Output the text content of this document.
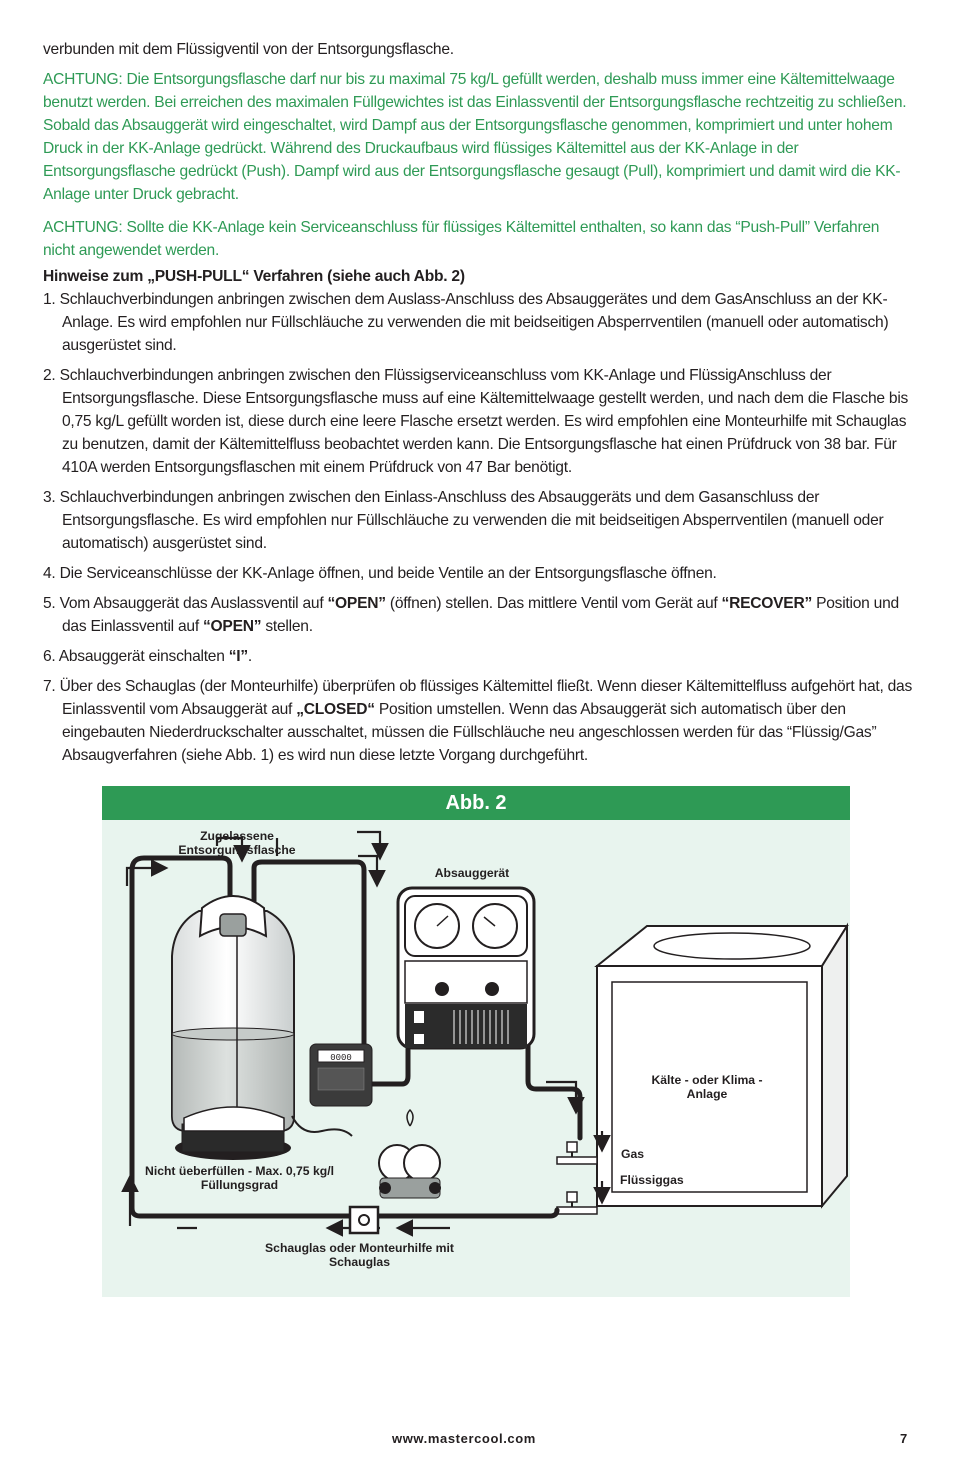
verbunden mit dem Flüssigventil von der Entsorgungsflasche.

ACHTUNG: Die Entsorgungsflasche darf nur bis zu maximal 75 kg/L gefüllt werden, deshalb muss immer eine Kältemittelwaage benutzt werden. Bei erreichen des maximalen Füllgewichtes ist das Einlassventil der Entsorgungsflasche rechtzeitig zu schließen. Sobald das Absauggerät wird eingeschaltet, wird Dampf aus der Entsorgungsflasche genommen, komprimiert und unter hohem Druck in der KK-Anlage gedrückt. Während des Druckaufbaus wird flüssiges Kältemittel aus der KK-Anlage in der Entsorgungsflasche gedrückt (Push). Dampf wird aus der Entsorgungsflasche gesaugt (Pull), komprimiert und damit wird die KK-Anlage unter Druck gebracht.

ACHTUNG: Sollte die KK-Anlage kein Serviceanschluss für flüssiges Kältemittel enthalten, so kann das “Push-Pull” Verfahren nicht angewendet werden.

Hinweise zum „PUSH-PULL“ Verfahren (siehe auch Abb. 2)

1. Schlauchverbindungen anbringen zwischen dem Auslass-Anschluss des Absauggerätes und dem GasAnschluss an der KK-Anlage. Es wird empfohlen nur Füllschläuche zu verwenden die mit beidseitigen Absperrventilen (manuell oder automatisch) ausgerüstet sind.
2. Schlauchverbindungen anbringen zwischen den Flüssigserviceanschluss vom KK-Anlage und FlüssigAnschluss der Entsorgungsflasche. Diese Entsorgungsflasche muss auf eine Kältemittelwaage gestellt werden, und nach dem die Flasche bis 0,75 kg/L gefüllt worden ist, diese durch eine leere Flasche ersetzt werden. Es wird empfohlen eine Monteurhilfe mit Schauglas zu benutzen, damit der Kältemittelfluss beobachtet werden kann. Die Entsorgungsflasche hat einen Prüfdruck von 38 bar. Für 410A werden Entsorgungsflaschen mit einem Prüfdruck von 47 Bar benötigt.
3. Schlauchverbindungen anbringen zwischen den Einlass-Anschluss des Absauggeräts und dem Gasanschluss der Entsorgungsflasche. Es wird empfohlen nur Füllschläuche zu verwenden die mit beidseitigen Absperrventilen (manuell oder automatisch) ausgerüstet sind.
4. Die Serviceanschlüsse der KK-Anlage öffnen, und beide Ventile an der Entsorgungsflasche öffnen.
5. Vom Absauggerät das Auslassventil auf “OPEN” (öffnen) stellen. Das mittlere Ventil vom Gerät auf “RECOVER” Position und das Einlassventil auf “OPEN” stellen.
6. Absauggerät einschalten “I”.
7. Über des Schauglas (der Monteurhilfe) überprüfen ob flüssiges Kältemittel fließt. Wenn dieser Kältemittelfluss aufgehört hat, das Einlassventil vom Absauggerät auf „CLOSED“ Position umstellen. Wenn das Absauggerät sich automatisch über den eingebauten Niederdruckschalter ausschaltet, müssen die Füllschläuche neu angeschlossen werden für das “Flüssig/Gas” Absaugverfahren (siehe Abb. 1) es wird nun diese letzte Vorgang durchgeführt.
Abb. 2
0000
Zugelassene Entsorgungsflasche
Absauggerät
Kälte - oder Klima - Anlage
Gas
Flüssiggas
Nicht üeberfüllen - Max. 0,75 kg/l Füllungsgrad
Schauglas oder Monteurhilfe mit Schauglas
www.mastercool.com	7
